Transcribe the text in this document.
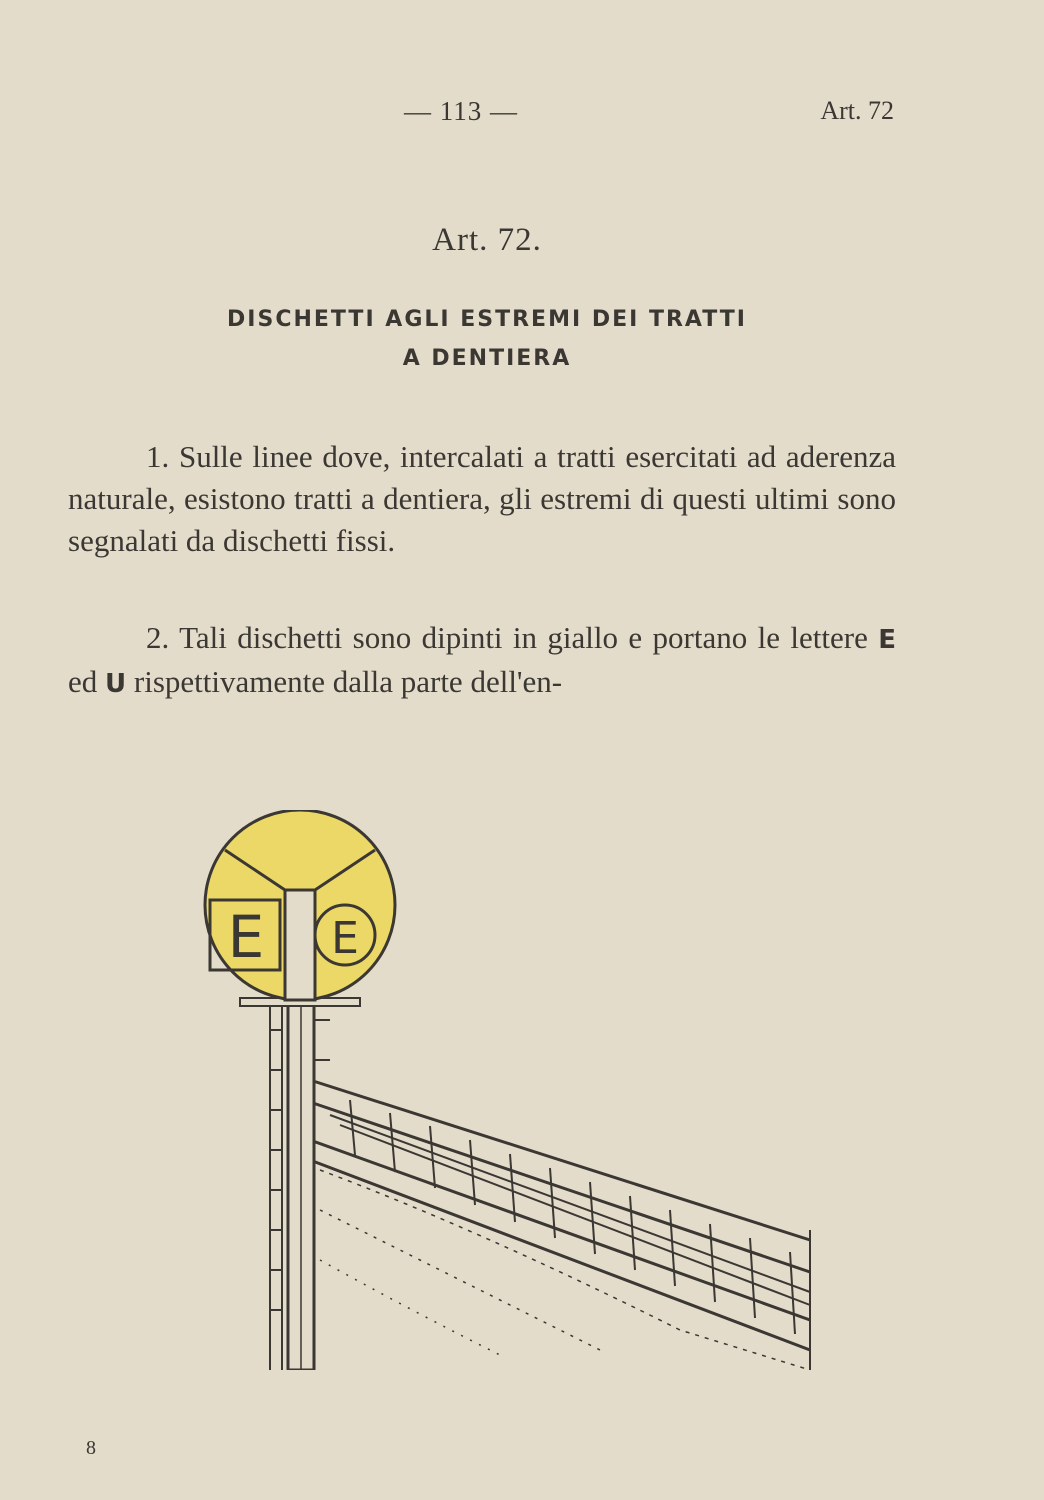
— 113 —	Art. 72
Art. 72.
DISCHETTI AGLI ESTREMI DEI TRATTI
A DENTIERA
1. Sulle linee dove, intercalati a tratti esercitati ad aderenza naturale, esistono tratti a dentiera, gli estremi di questi ultimi sono segnalati da dischetti fissi.
2. Tali dischetti sono dipinti in giallo e portano le lettere E ed U rispettivamente dalla parte dell'en-
E E
8
